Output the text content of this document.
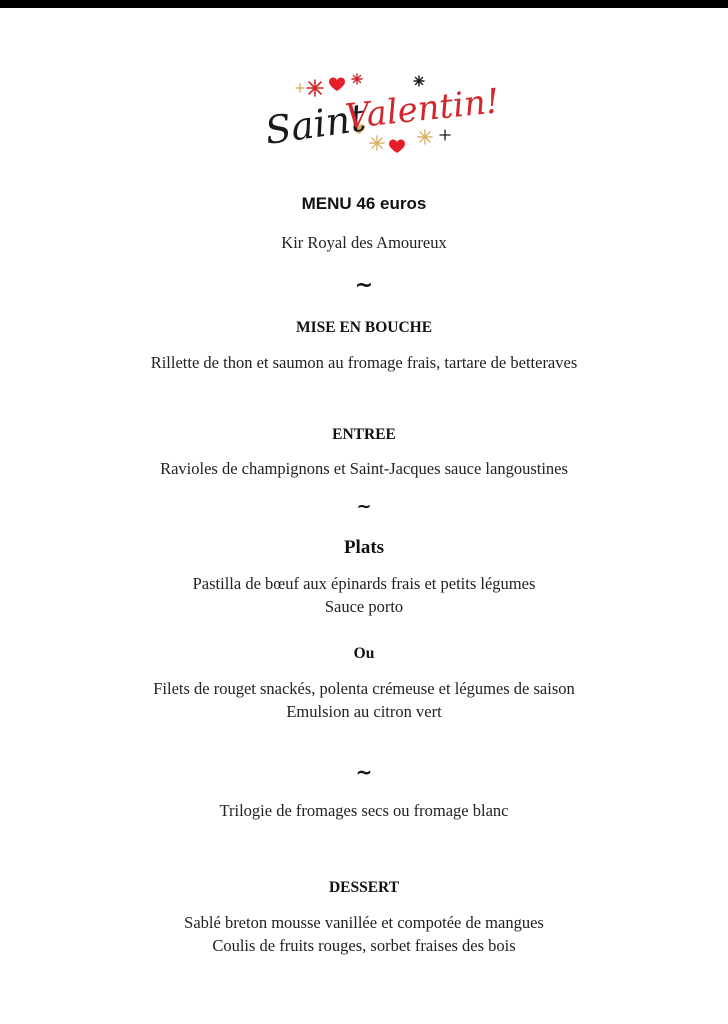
Saint
Valentin!
MENU 46 euros
Kir Royal des Amoureux
~
MISE EN BOUCHE
Rillette de thon et saumon au fromage frais, tartare de betteraves
ENTREE
Ravioles de champignons et Saint-Jacques sauce langoustines
~
Plats
Pastilla de bœuf aux épinards frais et petits légumes
Sauce porto
Ou
Filets de rouget snackés, polenta crémeuse et légumes de saison
Emulsion au citron vert
~
Trilogie de fromages secs ou fromage blanc
DESSERT
Sablé breton mousse vanillée et compotée de mangues
Coulis de fruits rouges, sorbet fraises des bois
